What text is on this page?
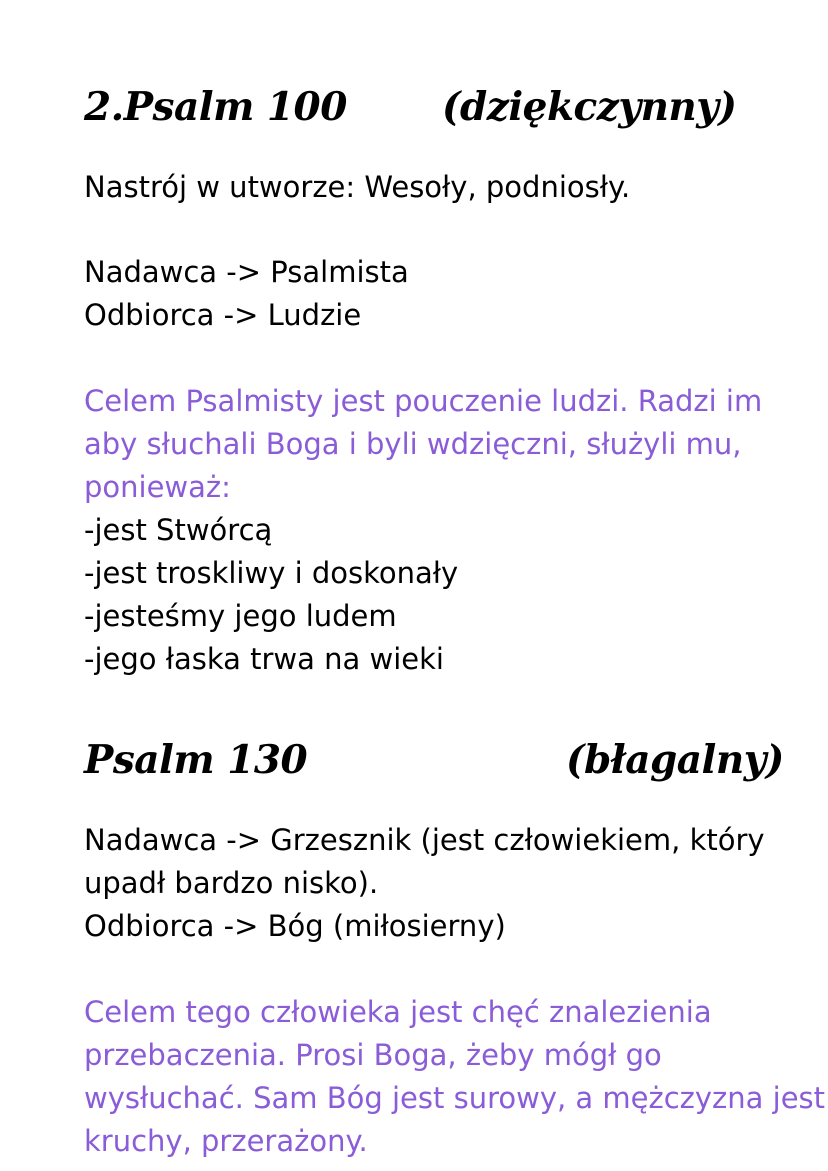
2.Psalm 100 (dziękczynny)

Nastrój w utworze: Wesoły, podniosły.

Nadawca -> Psalmista

Odbiorca -> Ludzie

Celem Psalmisty jest pouczenie ludzi. Radzi im

aby słuchali Boga i byli wdzięczni, służyli mu,

ponieważ:

-jest Stwórcą

-jest troskliwy i doskonały

-jesteśmy jego ludem

-jego łaska trwa na wieki

Psalm 130	(błagalny)

Nadawca -> Grzesznik (jest człowiekiem, który

upadł bardzo nisko).

Odbiorca -> Bóg (miłosierny)

Celem tego człowieka jest chęć znalezienia

przebaczenia. Prosi Boga, żeby mógł go

wysłuchać. Sam Bóg jest surowy, a mężczyzna jest

kruchy, przerażony.
